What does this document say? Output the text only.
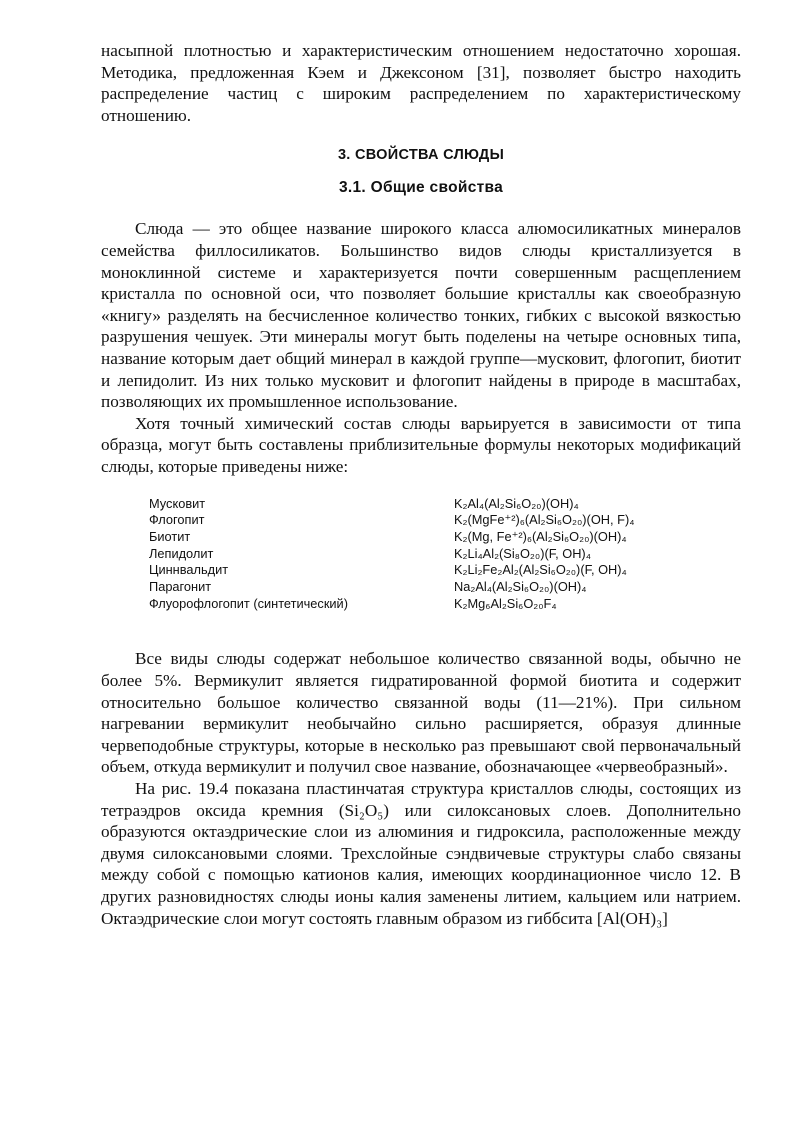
насыпной плотностью и характеристическим отношением недостаточно хорошая. Методика, предложенная Кэем и Джексоном [31], позволяет быстро находить распределение частиц с широким распределением по характеристическому отношению.

3. СВОЙСТВА СЛЮДЫ
3.1. Общие свойства

Слюда — это общее название широкого класса алюмосиликатных минералов семейства филлосиликатов. Большинство видов слюды кристаллизуется в моноклинной системе и характеризуется почти совершенным расщеплением кристалла по основной оси, что позволяет большие кристаллы как своеобразную «книгу» разделять на бесчисленное количество тонких, гибких с высокой вязкостью разрушения чешуек. Эти минералы могут быть поделены на четыре основных типа, название которым дает общий минерал в каждой группе—мусковит, флогопит, биотит и лепидолит. Из них только мусковит и флогопит найдены в природе в масштабах, позволяющих их промышленное использование.

Хотя точный химический состав слюды варьируется в зависимости от типа образца, могут быть составлены приблизительные формулы некоторых модификаций слюды, которые приведены ниже:

Мусковит	K₂Al₄(Al₂Si₆O₂₀)(OH)₄
Флогопит	K₂(MgFe⁺²)₆(Al₂Si₆O₂₀)(OH, F)₄
Биотит	K₂(Mg, Fe⁺²)₆(Al₂Si₆O₂₀)(OH)₄
Лепидолит	K₂Li₄Al₂(Si₈O₂₀)(F, OH)₄
Циннвальдит	K₂Li₂Fe₂Al₂(Al₂Si₆O₂₀)(F, OH)₄
Парагонит	Na₂Al₄(Al₂Si₆O₂₀)(OH)₄
Флуорофлогопит (синтетический)	K₂Mg₆Al₂Si₆O₂₀F₄

Все виды слюды содержат небольшое количество связанной воды, обычно не более 5%. Вермикулит является гидратированной формой биотита и содержит относительно большое количество связанной воды (11—21%). При сильном нагревании вермикулит необычайно сильно расширяется, образуя длинные червеподобные структуры, которые в несколько раз превышают свой первоначальный объем, откуда вермикулит и получил свое название, обозначающее «червеобразный».

На рис. 19.4 показана пластинчатая структура кристаллов слюды, состоящих из тетраэдров оксида кремния (Si₂O₅) или силоксановых слоев. Дополнительно образуются октаэдрические слои из алюминия и гидроксила, расположенные между двумя силоксановыми слоями. Трехслойные сэндвичевые структуры слабо связаны между собой с помощью катионов калия, имеющих координационное число 12. В других разновидностях слюды ионы калия заменены литием, кальцием или натрием. Октаэдрические слои могут состоять главным образом из гиббсита [Al(OH)₃]
